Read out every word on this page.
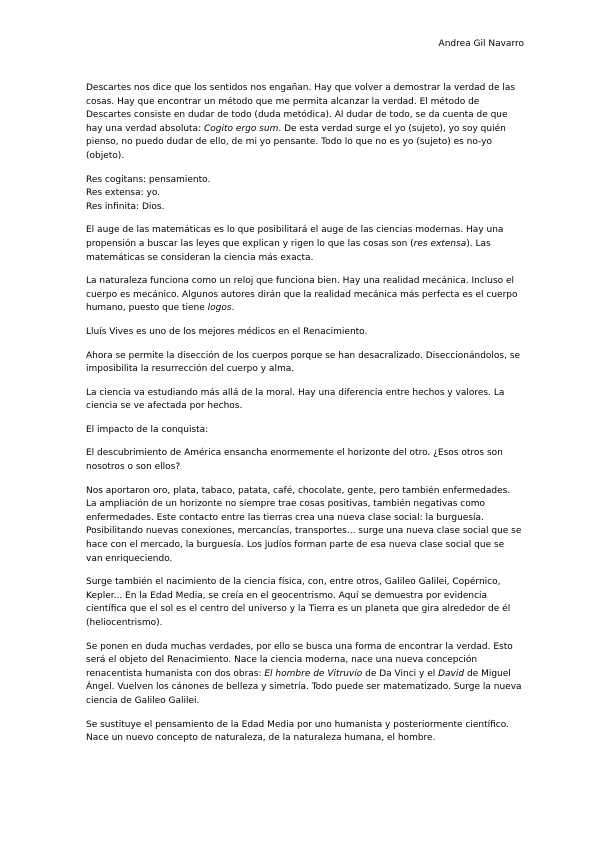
Andrea Gil Navarro

Descartes nos dice que los sentidos nos engañan. Hay que volver a demostrar la verdad de las cosas. Hay que encontrar un método que me permita alcanzar la verdad. El método de Descartes consiste en dudar de todo (duda metódica). Al dudar de todo, se da cuenta de que hay una verdad absoluta: Cogito ergo sum. De esta verdad surge el yo (sujeto), yo soy quién pienso, no puedo dudar de ello, de mi yo pensante. Todo lo que no es yo (sujeto) es no-yo (objeto).

Res cogitans: pensamiento.

Res extensa: yo.

Res infinita: Dios.

El auge de las matemáticas es lo que posibilitará el auge de las ciencias modernas. Hay una propensión a buscar las leyes que explican y rigen lo que las cosas son (res extensa). Las matemáticas se consideran la ciencia más exacta.

La naturaleza funciona como un reloj que funciona bien. Hay una realidad mecánica. Incluso el cuerpo es mecánico. Algunos autores dirán que la realidad mecánica más perfecta es el cuerpo humano, puesto que tiene logos.

Lluís Vives es uno de los mejores médicos en el Renacimiento.

Ahora se permite la disección de los cuerpos porque se han desacralizado. Diseccionándolos, se imposibilita la resurrección del cuerpo y alma.

La ciencia va estudiando más allá de la moral. Hay una diferencia entre hechos y valores. La ciencia se ve afectada por hechos.

El impacto de la conquista:

El descubrimiento de América ensancha enormemente el horizonte del otro. ¿Esos otros son nosotros o son ellos?

Nos aportaron oro, plata, tabaco, patata, café, chocolate, gente, pero también enfermedades. La ampliación de un horizonte no siempre trae cosas positivas, también negativas como enfermedades. Este contacto entre las tierras crea una nueva clase social: la burguesía. Posibilitando nuevas conexiones, mercancías, transportes... surge una nueva clase social que se hace con el mercado, la burguesía. Los judíos forman parte de esa nueva clase social que se van enriqueciendo.

Surge también el nacimiento de la ciencia física, con, entre otros, Galileo Galilei, Copérnico, Kepler... En la Edad Media, se creía en el geocentrismo. Aquí se demuestra por evidencia científica que el sol es el centro del universo y la Tierra es un planeta que gira alrededor de él (heliocentrismo).

Se ponen en duda muchas verdades, por ello se busca una forma de encontrar la verdad. Esto será el objeto del Renacimiento. Nace la ciencia moderna, nace una nueva concepción renacentista humanista con dos obras: El hombre de Vitruvio de Da Vinci y el David de Miguel Ángel. Vuelven los cánones de belleza y simetría. Todo puede ser matematizado. Surge la nueva ciencia de Galileo Galilei.

Se sustituye el pensamiento de la Edad Media por uno humanista y posteriormente científico. Nace un nuevo concepto de naturaleza, de la naturaleza humana, el hombre.
